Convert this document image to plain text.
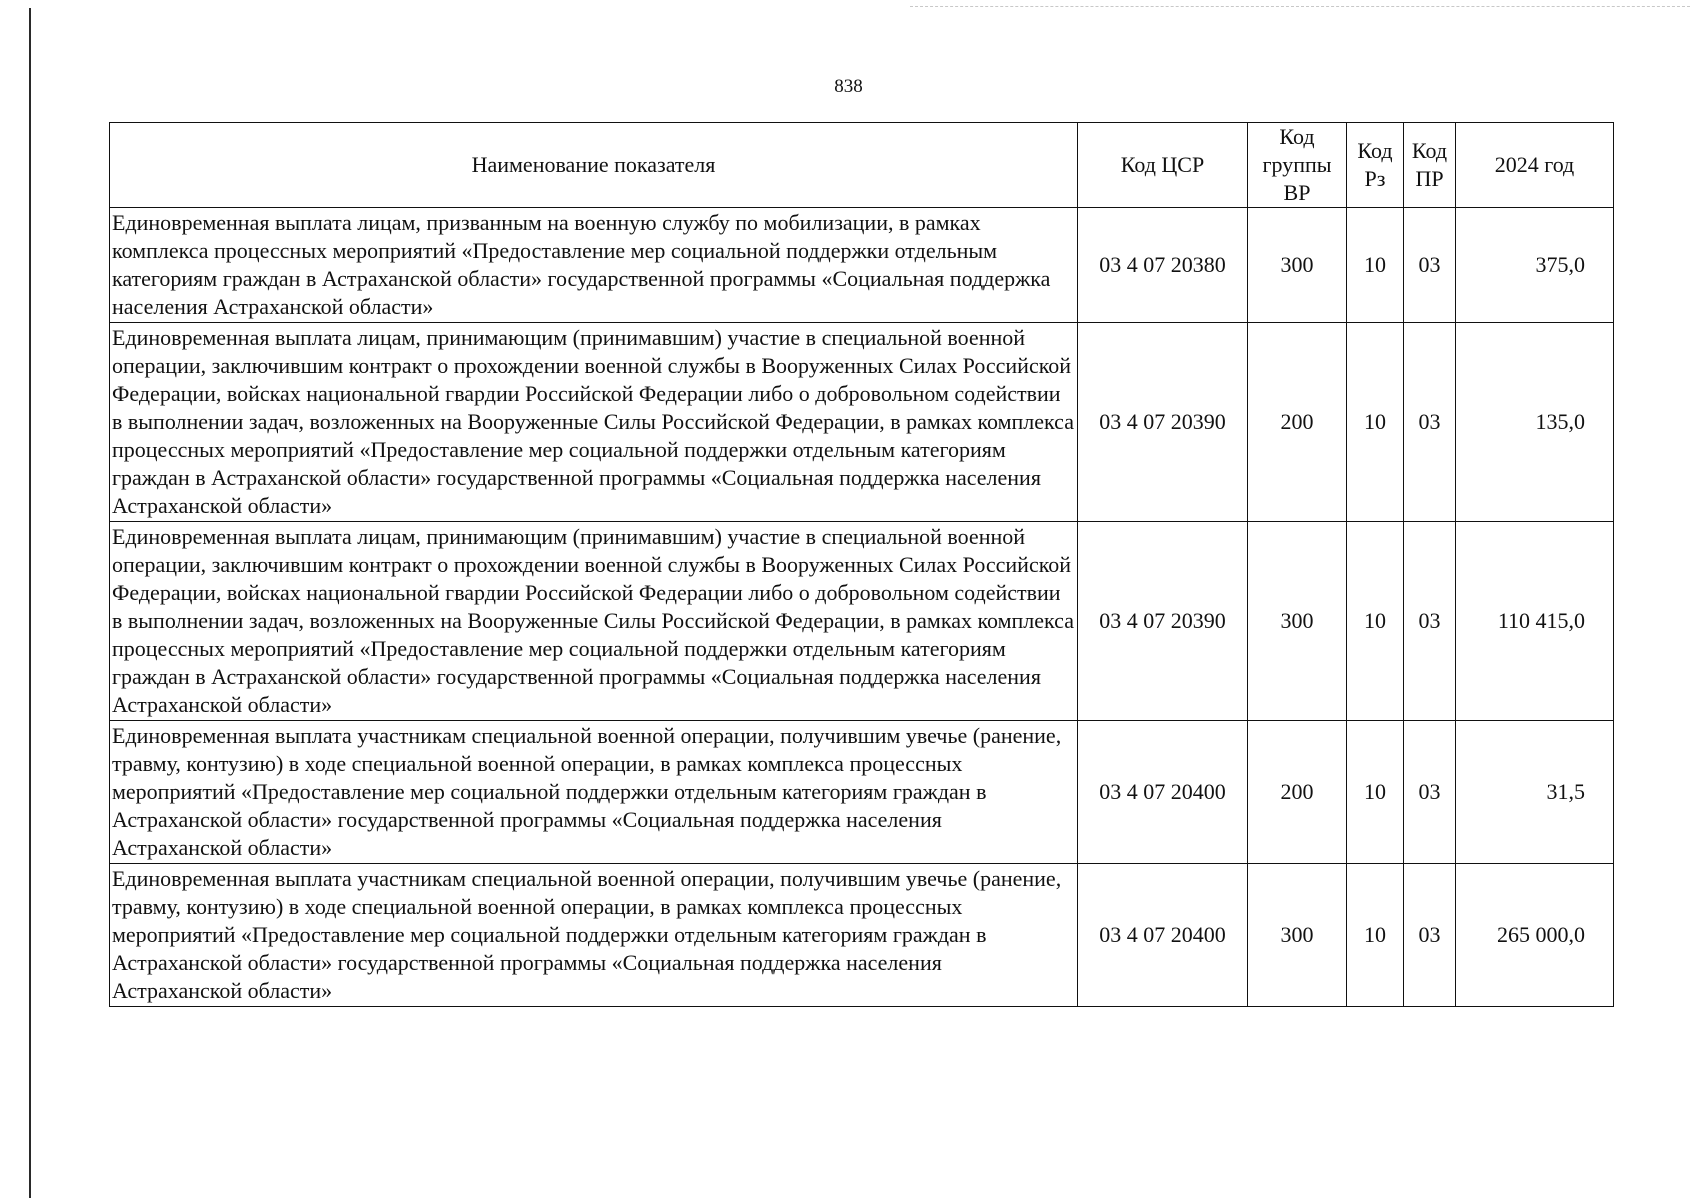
838
Наименование показателя	Код ЦСР	Код группы ВР	Код Рз	Код ПР	2024 год
Единовременная выплата лицам, призванным на военную службу по мобилизации, в рамках комплекса процессных мероприятий «Предоставление мер социальной поддержки отдельным категориям граждан в Астраханской области» государственной программы «Социальная поддержка населения Астраханской области»	03 4 07 20380	300	10	03	375,0
Единовременная выплата лицам, принимающим (принимавшим) участие в специальной военной операции, заключившим контракт о прохождении военной службы в Вооруженных Силах Российской Федерации, войсках национальной гвардии Российской Федерации либо о добровольном содействии в выполнении задач, возложенных на Вооруженные Силы Российской Федерации, в рамках комплекса процессных мероприятий «Предоставление мер социальной поддержки отдельным категориям граждан в Астраханской области» государственной программы «Социальная поддержка населения Астраханской области»	03 4 07 20390	200	10	03	135,0
Единовременная выплата лицам, принимающим (принимавшим) участие в специальной военной операции, заключившим контракт о прохождении военной службы в Вооруженных Силах Российской Федерации, войсках национальной гвардии Российской Федерации либо о добровольном содействии в выполнении задач, возложенных на Вооруженные Силы Российской Федерации, в рамках комплекса процессных мероприятий «Предоставление мер социальной поддержки отдельным категориям граждан в Астраханской области» государственной программы «Социальная поддержка населения Астраханской области»	03 4 07 20390	300	10	03	110 415,0
Единовременная выплата участникам специальной военной операции, получившим увечье (ранение, травму, контузию) в ходе специальной военной операции, в рамках комплекса процессных мероприятий «Предоставление мер социальной поддержки отдельным категориям граждан в Астраханской области» государственной программы «Социальная поддержка населения Астраханской области»	03 4 07 20400	200	10	03	31,5
Единовременная выплата участникам специальной военной операции, получившим увечье (ранение, травму, контузию) в ходе специальной военной операции, в рамках комплекса процессных мероприятий «Предоставление мер социальной поддержки отдельным категориям граждан в Астраханской области» государственной программы «Социальная поддержка населения Астраханской области»	03 4 07 20400	300	10	03	265 000,0
